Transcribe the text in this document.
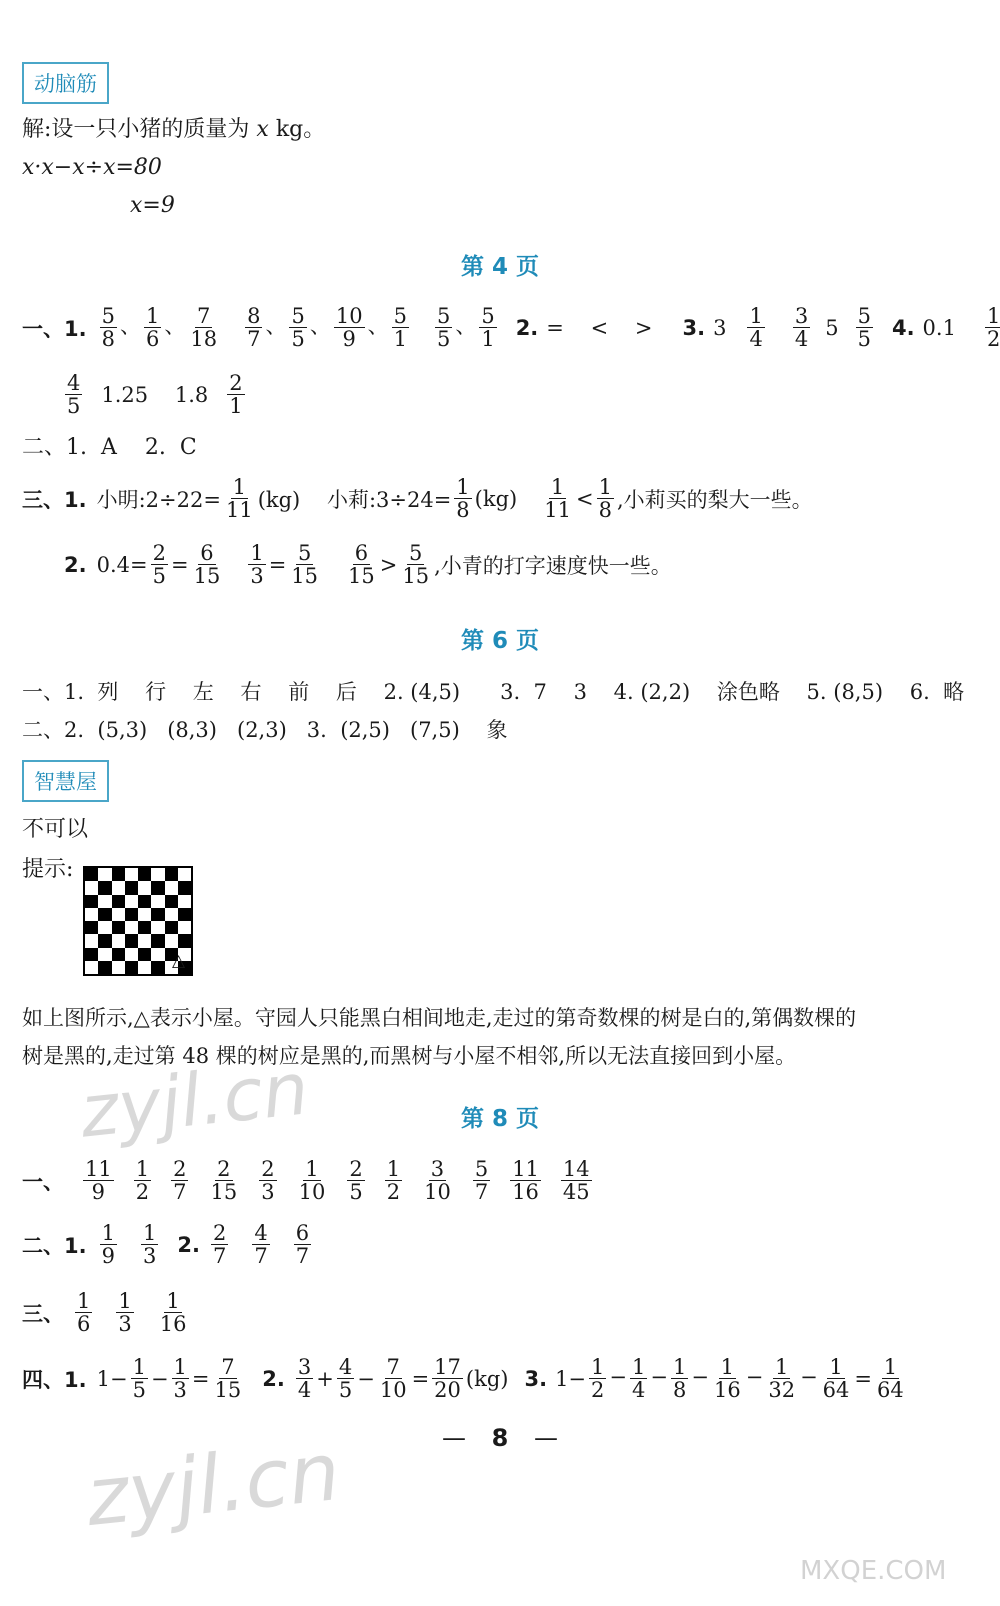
动脑筋
解:设一只小猪的质量为 x kg。
x·x−x÷x=80
x=9
第 4 页
一、1. $\frac{5}{8}$ 、 $\frac{1}{6}$ 、 $\frac{7}{18} \frac{8}{7}$ 、 $\frac{5}{5}$ 、 $\frac{10}{9}$ 、 $\frac{5}{1} \frac{5}{5}$ 、 $\frac{5}{1} 2$. =    <    > 3. $3 \frac{1}{4} \frac{3}{4} 5 \frac{5}{5} 4$. $0.1 \frac{1}{2}$
$\frac{4}{5} 1.25$    $1.8 \frac{2}{1}$
二、1.  A    2.  C
三、1. 小明:2÷22= $\frac{1}{11} (kg)$    小莉:3÷24= $\frac{1}{8} (kg) \frac{1}{11} < \frac{1}{8}$ ,小莉买的梨大一些。
2. $0.4= \frac{2}{5} = \frac{6}{15} \frac{1}{3} = \frac{5}{15} \frac{6}{15} > \frac{5}{15}$ ,小青的打字速度快一些。
第 6 页
一、1.  列    行    左    右    前    后    2. (4,5)      3.  7    3    4. (2,2)    涂色略    5. (8,5)    6.  略
二、2.  (5,3)   (8,3)   (2,3)   3.  (2,5)   (7,5)    象
智慧屋
不可以
提示:
△
如上图所示,△表示小屋。守园人只能黑白相间地走,走过的第奇数棵的树是白的,第偶数棵的
树是黑的,走过第 48 棵的树应是黑的,而黑树与小屋不相邻,所以无法直接回到小屋。
第 8 页
一、 $\frac{11}{9} \frac{1}{2} \frac{2}{7} \frac{2}{15} \frac{2}{3} \frac{1}{10} \frac{2}{5} \frac{1}{2} \frac{3}{10} \frac{5}{7} \frac{11}{16} \frac{14}{45}$
二、1. $\frac{1}{9} \frac{1}{3} 2$. $\frac{2}{7} \frac{4}{7} \frac{6}{7}$
三、 $\frac{1}{6} \frac{1}{3} \frac{1}{16}$
四、1. $1- \frac{1}{5} - \frac{1}{3} = \frac{7}{15} 2$. $\frac{3}{4} + \frac{4}{5} - \frac{7}{10} = \frac{17}{20} (kg)$ 3. $1- \frac{1}{2} - \frac{1}{4} - \frac{1}{8} - \frac{1}{16} - \frac{1}{32} - \frac{1}{64} = \frac{1}{64}$
— 8 —
zyjl.cn
zyjl.cn
MXQE.COM
